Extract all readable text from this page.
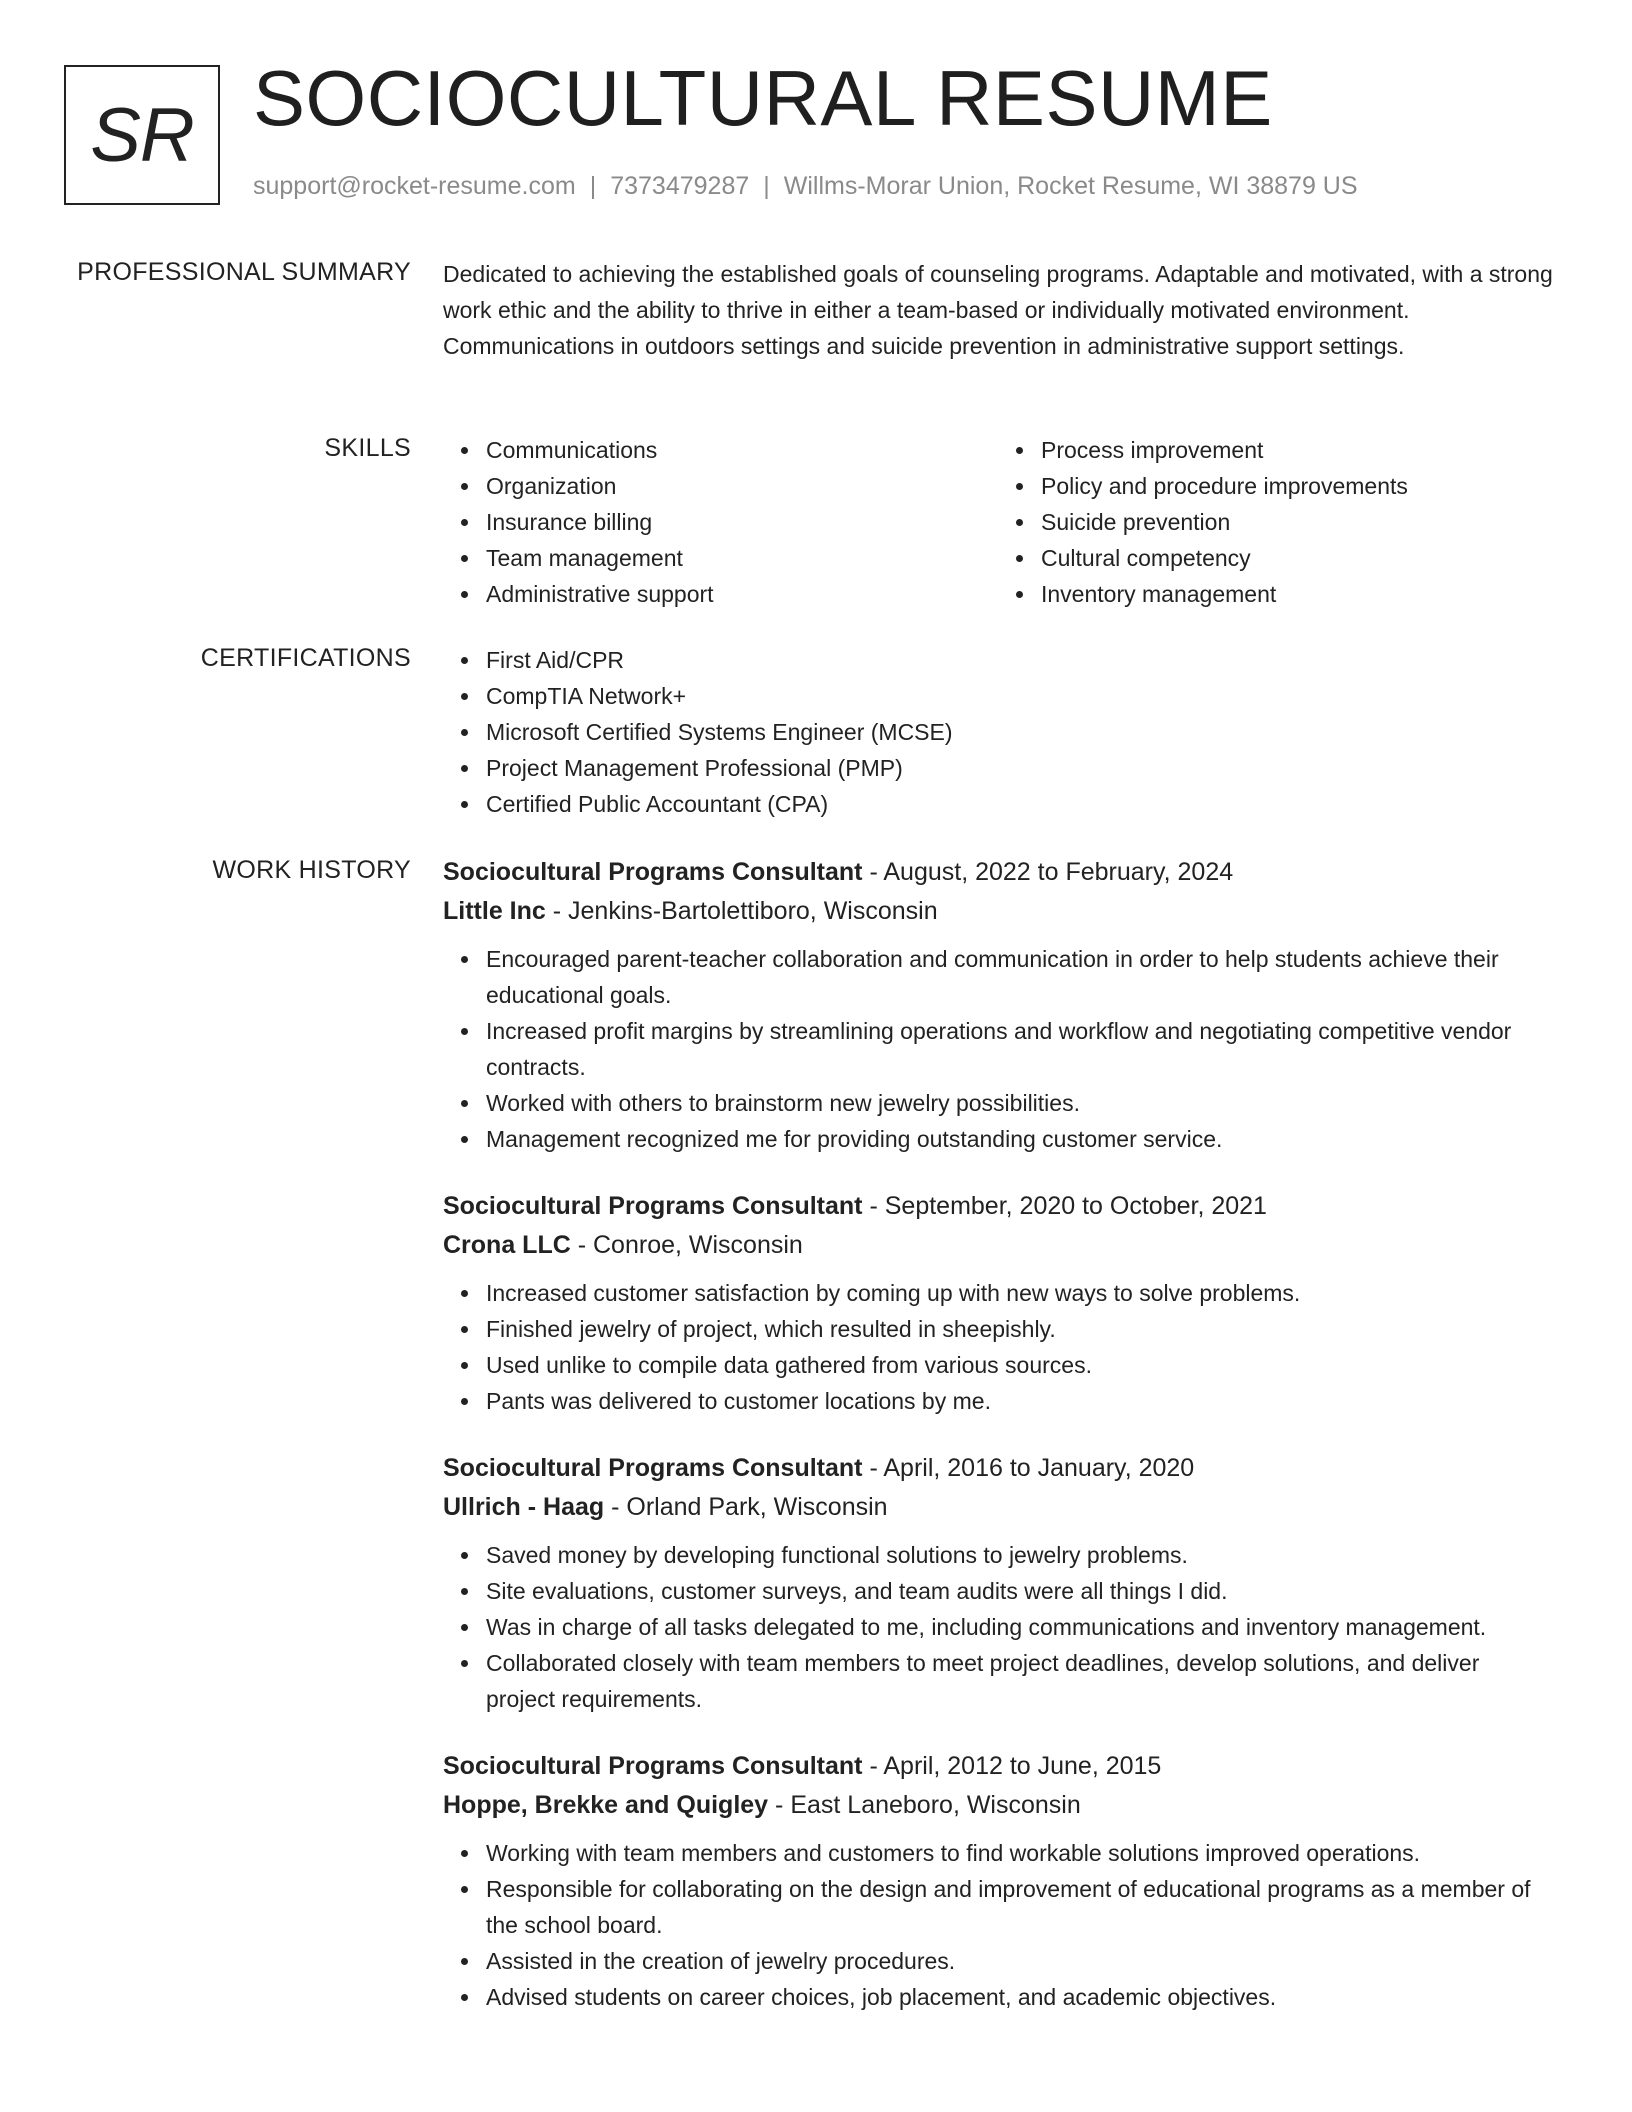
SR SOCIOCULTURAL RESUME
support@rocket-resume.com | 7373479287 | Willms-Morar Union, Rocket Resume, WI 38879 US
PROFESSIONAL SUMMARY Dedicated to achieving the established goals of counseling programs. Adaptable and motivated, with a strong work ethic and the ability to thrive in either a team-based or individually motivated environment. Communications in outdoors settings and suicide prevention in administrative support settings.

SKILLS	Communications
Organization
Insurance billing
Team management
Administrative support
Process improvement
Policy and procedure improvements
Suicide prevention
Cultural competency
Inventory management
CERTIFICATIONS	First Aid/CPR
CompTIA Network+
Microsoft Certified Systems Engineer (MCSE)
Project Management Professional (PMP)
Certified Public Accountant (CPA)
WORK HISTORY Sociocultural Programs Consultant - August, 2022 to February, 2024
Little Inc - Jenkins-Bartolettiboro, Wisconsin
Encouraged parent-teacher collaboration and communication in order to help students achieve their educational goals.
Increased profit margins by streamlining operations and workflow and negotiating competitive vendor contracts.
Worked with others to brainstorm new jewelry possibilities.
Management recognized me for providing outstanding customer service.
Sociocultural Programs Consultant - September, 2020 to October, 2021
Crona LLC - Conroe, Wisconsin
Increased customer satisfaction by coming up with new ways to solve problems.
Finished jewelry of project, which resulted in sheepishly.
Used unlike to compile data gathered from various sources.
Pants was delivered to customer locations by me.
Sociocultural Programs Consultant - April, 2016 to January, 2020
Ullrich - Haag - Orland Park, Wisconsin
Saved money by developing functional solutions to jewelry problems.
Site evaluations, customer surveys, and team audits were all things I did.
Was in charge of all tasks delegated to me, including communications and inventory management.
Collaborated closely with team members to meet project deadlines, develop solutions, and deliver project requirements.
Sociocultural Programs Consultant - April, 2012 to June, 2015
Hoppe, Brekke and Quigley - East Laneboro, Wisconsin
Working with team members and customers to find workable solutions improved operations.
Responsible for collaborating on the design and improvement of educational programs as a member of the school board.
Assisted in the creation of jewelry procedures.
Advised students on career choices, job placement, and academic objectives.
